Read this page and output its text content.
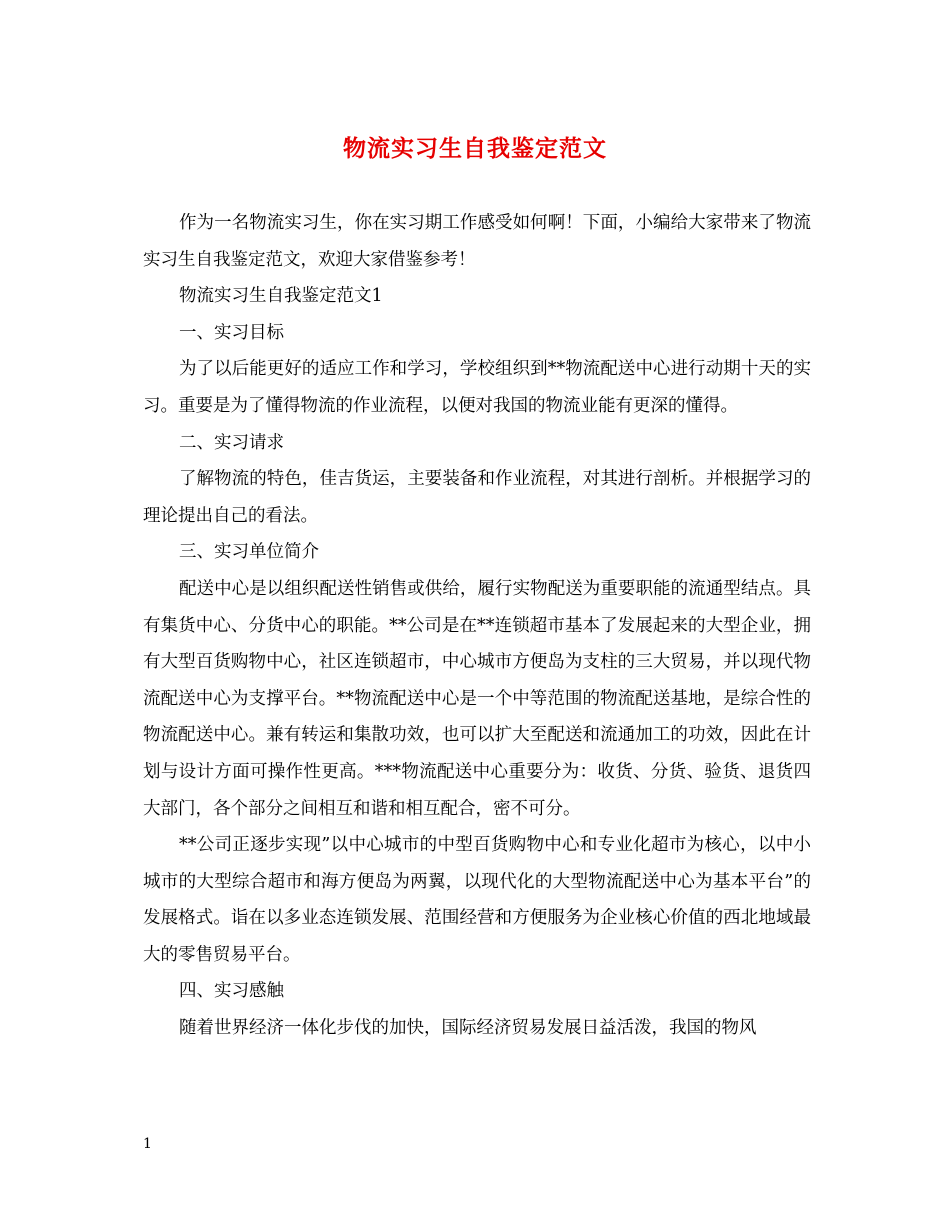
物流实习生自我鉴定范文

作为一名物流实习生，你在实习期工作感受如何啊！下面，小编给大家带来了物流实习生自我鉴定范文，欢迎大家借鉴参考！

物流实习生自我鉴定范文1

一、实习目标

为了以后能更好的适应工作和学习，学校组织到**物流配送中心进行动期十天的实习。重要是为了懂得物流的作业流程，以便对我国的物流业能有更深的懂得。

二、实习请求

了解物流的特色，佳吉货运，主要装备和作业流程，对其进行剖析。并根据学习的理论提出自己的看法。

三、实习单位简介

配送中心是以组织配送性销售或供给，履行实物配送为重要职能的流通型结点。具有集货中心、分货中心的职能。**公司是在**连锁超市基本了发展起来的大型企业，拥有大型百货购物中心，社区连锁超市，中心城市方便岛为支柱的三大贸易，并以现代物流配送中心为支撑平台。**物流配送中心是一个中等范围的物流配送基地，是综合性的物流配送中心。兼有转运和集散功效，也可以扩大至配送和流通加工的功效，因此在计划与设计方面可操作性更高。***物流配送中心重要分为：收货、分货、验货、退货四大部门，各个部分之间相互和谐和相互配合，密不可分。

**公司正逐步实现”以中心城市的中型百货购物中心和专业化超市为核心，以中小城市的大型综合超市和海方便岛为两翼，以现代化的大型物流配送中心为基本平台”的发展格式。诣在以多业态连锁发展、范围经营和方便服务为企业核心价值的西北地域最大的零售贸易平台。

四、实习感触

随着世界经济一体化步伐的加快，国际经济贸易发展日益活泼，我国的物风

1
